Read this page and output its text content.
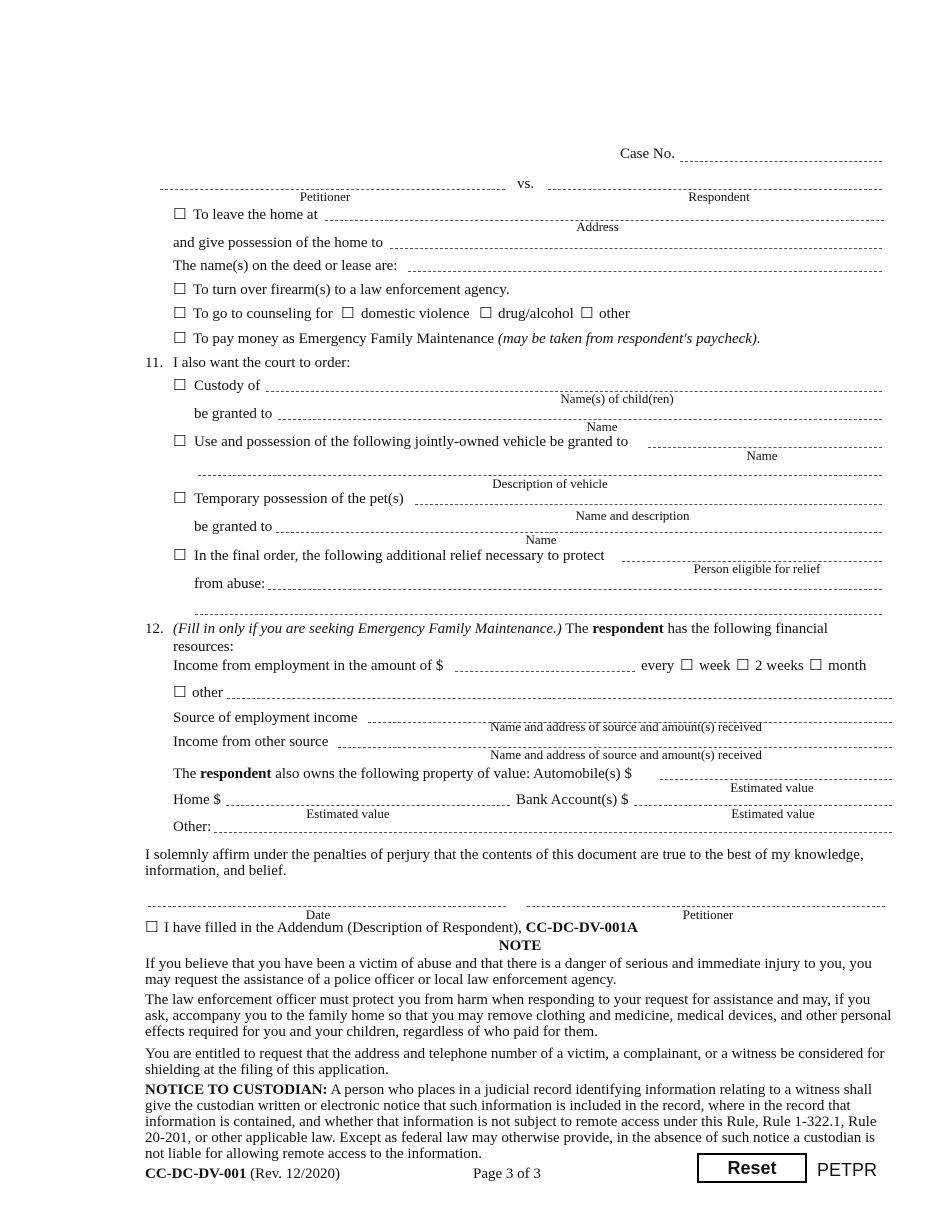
Case No.
vs.
Petitioner	Respondent
☐ To leave the home at
Address
and give possession of the home to
The name(s) on the deed or lease are:
☐ To turn over firearm(s) to a law enforcement agency.
☐ To go to counseling for ☐ domestic violence ☐ drug/alcohol ☐ other
☐ To pay money as Emergency Family Maintenance (may be taken from respondent's paycheck).
11. I also want the court to order:
☐ Custody of
Name(s) of child(ren)
be granted to
Name
☐ Use and possession of the following jointly-owned vehicle be granted to
Name
Description of vehicle
☐ Temporary possession of the pet(s)
Name and description
be granted to
Name
☐ In the final order, the following additional relief necessary to protect
Person eligible for relief
from abuse:
12. (Fill in only if you are seeking Emergency Family Maintenance.) The respondent has the following financial
resources:
Income from employment in the amount of $	every ☐ week ☐ 2 weeks ☐ month
☐ other
Source of employment income
Name and address of source and amount(s) received
Income from other source
Name and address of source and amount(s) received
The respondent also owns the following property of value: Automobile(s) $
Estimated value
Home $
Estimated value
Bank Account(s) $
Estimated value
Other:
I solemnly affirm under the penalties of perjury that the contents of this document are true to the best of my knowledge, information, and belief.
Date	Petitioner
☐ I have filled in the Addendum (Description of Respondent), CC-DC-DV-001A
NOTE
If you believe that you have been a victim of abuse and that there is a danger of serious and immediate injury to you, you may request the assistance of a police officer or local law enforcement agency.
The law enforcement officer must protect you from harm when responding to your request for assistance and may, if you ask, accompany you to the family home so that you may remove clothing and medicine, medical devices, and other personal effects required for you and your children, regardless of who paid for them.
You are entitled to request that the address and telephone number of a victim, a complainant, or a witness be considered for shielding at the filing of this application.
NOTICE TO CUSTODIAN: A person who places in a judicial record identifying information relating to a witness shall give the custodian written or electronic notice that such information is included in the record, where in the record that information is contained, and whether that information is not subject to remote access under this Rule, Rule 1-322.1, Rule 20-201, or other applicable law. Except as federal law may otherwise provide, in the absence of such notice a custodian is not liable for allowing remote access to the information.
CC-DC-DV-001 (Rev. 12/2020)	Page 3 of 3	Reset	PETPR
